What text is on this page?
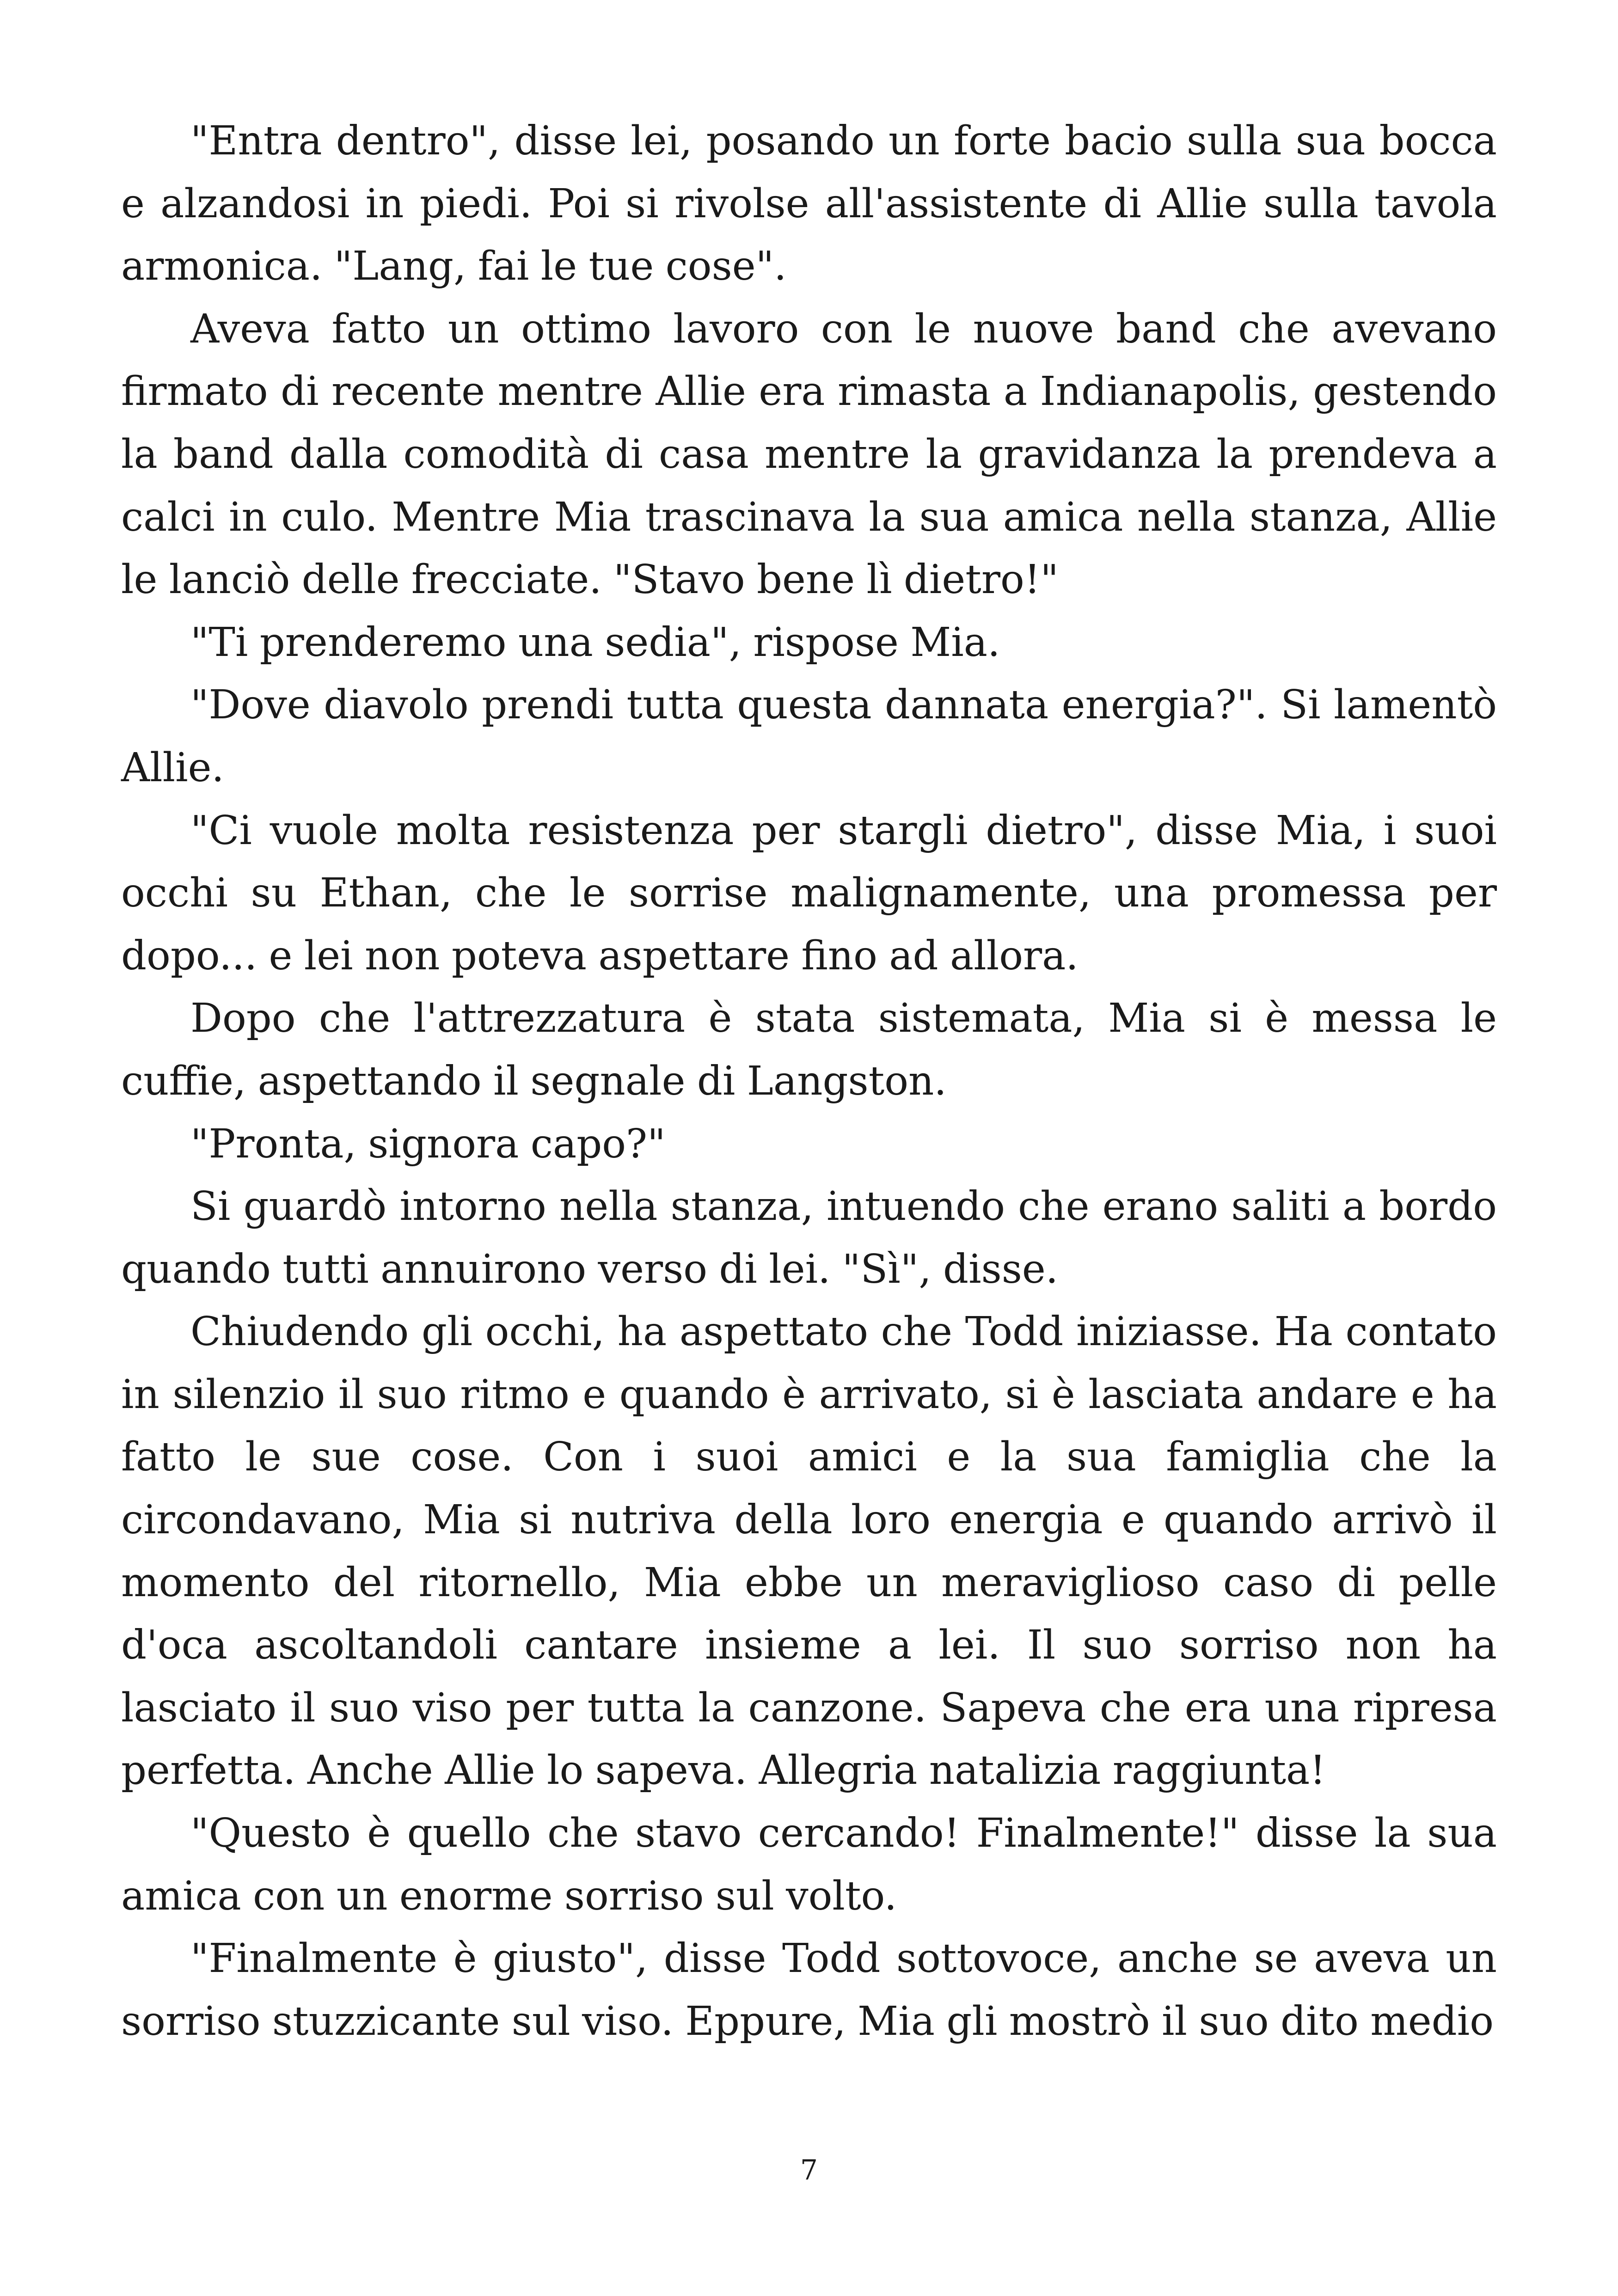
"Entra dentro", disse lei, posando un forte bacio sulla sua bocca e alzandosi in piedi. Poi si rivolse all'assistente di Allie sulla tavola armonica. "Lang, fai le tue cose".

Aveva fatto un ottimo lavoro con le nuove band che avevano firmato di recente mentre Allie era rimasta a Indianapolis, gestendo la band dalla comodità di casa mentre la gravidanza la prendeva a calci in culo. Mentre Mia trascinava la sua amica nella stanza, Allie le lanciò delle frecciate. "Stavo bene lì dietro!"

"Ti prenderemo una sedia", rispose Mia.

"Dove diavolo prendi tutta questa dannata energia?". Si lamentò Allie.

"Ci vuole molta resistenza per stargli dietro", disse Mia, i suoi occhi su Ethan, che le sorrise malignamente, una promessa per dopo... e lei non poteva aspettare fino ad allora.

Dopo che l'attrezzatura è stata sistemata, Mia si è messa le cuffie, aspettando il segnale di Langston.

"Pronta, signora capo?"

Si guardò intorno nella stanza, intuendo che erano saliti a bordo quando tutti annuirono verso di lei. "Sì", disse.

Chiudendo gli occhi, ha aspettato che Todd iniziasse. Ha contato in silenzio il suo ritmo e quando è arrivato, si è lasciata andare e ha fatto le sue cose. Con i suoi amici e la sua famiglia che la circondavano, Mia si nutriva della loro energia e quando arrivò il momento del ritornello, Mia ebbe un meraviglioso caso di pelle d'oca ascoltandoli cantare insieme a lei. Il suo sorriso non ha lasciato il suo viso per tutta la canzone. Sapeva che era una ripresa perfetta. Anche Allie lo sapeva. Allegria natalizia raggiunta!

"Questo è quello che stavo cercando! Finalmente!" disse la sua amica con un enorme sorriso sul volto.

"Finalmente è giusto", disse Todd sottovoce, anche se aveva un sorriso stuzzicante sul viso. Eppure, Mia gli mostrò il suo dito medio

7
